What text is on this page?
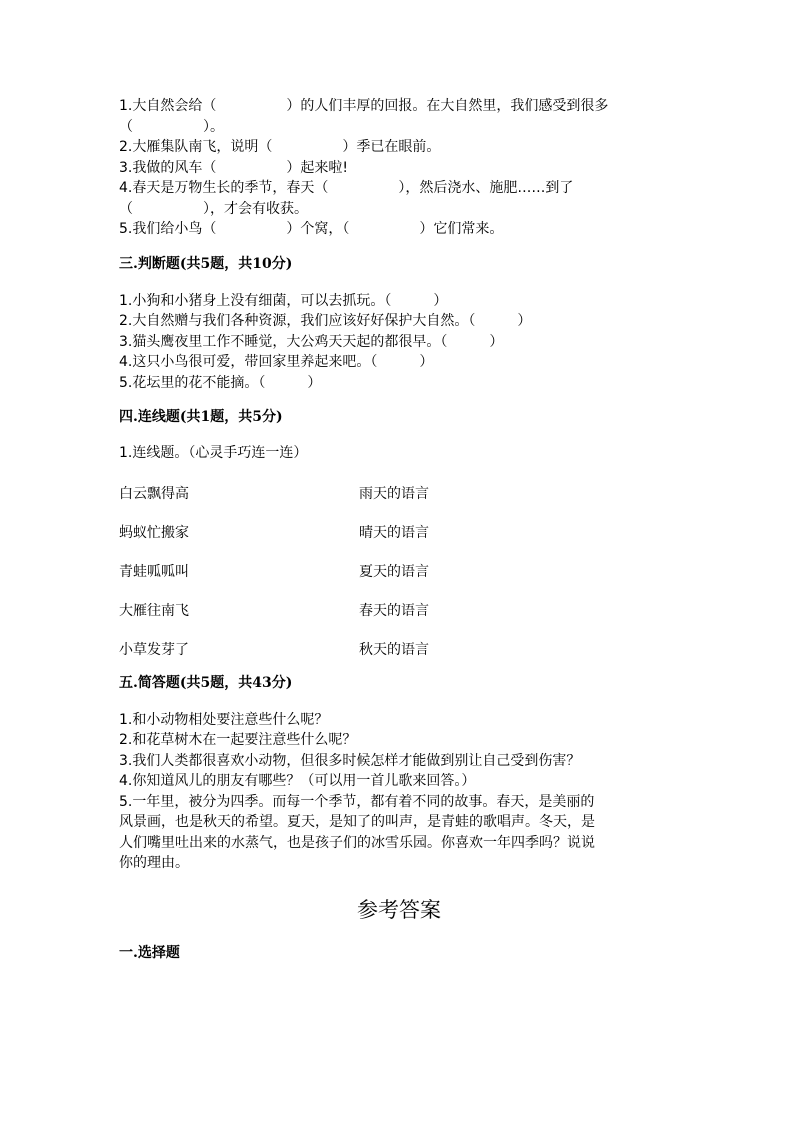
1.大自然会给（　　　　　）的人们丰厚的回报。在大自然里，我们感受到很多
（　　　　　）。
2.大雁集队南飞，说明（　　　　　）季已在眼前。
3.我做的风车（　　　　　）起来啦!
4.春天是万物生长的季节，春天（　　　　　），然后浇水、施肥……到了
（　　　　　），才会有收获。
5.我们给小鸟（　　　　　）个窝，（　　　　　）它们常来。
三.判断题(共5题，共10分)
1.小狗和小猪身上没有细菌，可以去抓玩。（　　　）
2.大自然赠与我们各种资源，我们应该好好保护大自然。（　　　）
3.猫头鹰夜里工作不睡觉，大公鸡天天起的都很早。（　　　）
4.这只小鸟很可爱，带回家里养起来吧。（　　　）
5.花坛里的花不能摘。（　　　）
四.连线题(共1题，共5分)
1.连线题。（心灵手巧连一连）
白云飘得高	雨天的语言
蚂蚁忙搬家	晴天的语言
青蛙呱呱叫	夏天的语言
大雁往南飞	春天的语言
小草发芽了	秋天的语言
五.简答题(共5题，共43分)
1.和小动物相处要注意些什么呢？
2.和花草树木在一起要注意些什么呢？
3.我们人类都很喜欢小动物，但很多时候怎样才能做到别让自己受到伤害？
4.你知道风儿的朋友有哪些？（可以用一首儿歌来回答。）
5.一年里，被分为四季。而每一个季节，都有着不同的故事。春天，是美丽的
风景画，也是秋天的希望。夏天，是知了的叫声，是青蛙的歌唱声。冬天，是
人们嘴里吐出来的水蒸气，也是孩子们的冰雪乐园。你喜欢一年四季吗？说说
你的理由。
参考答案
一.选择题
